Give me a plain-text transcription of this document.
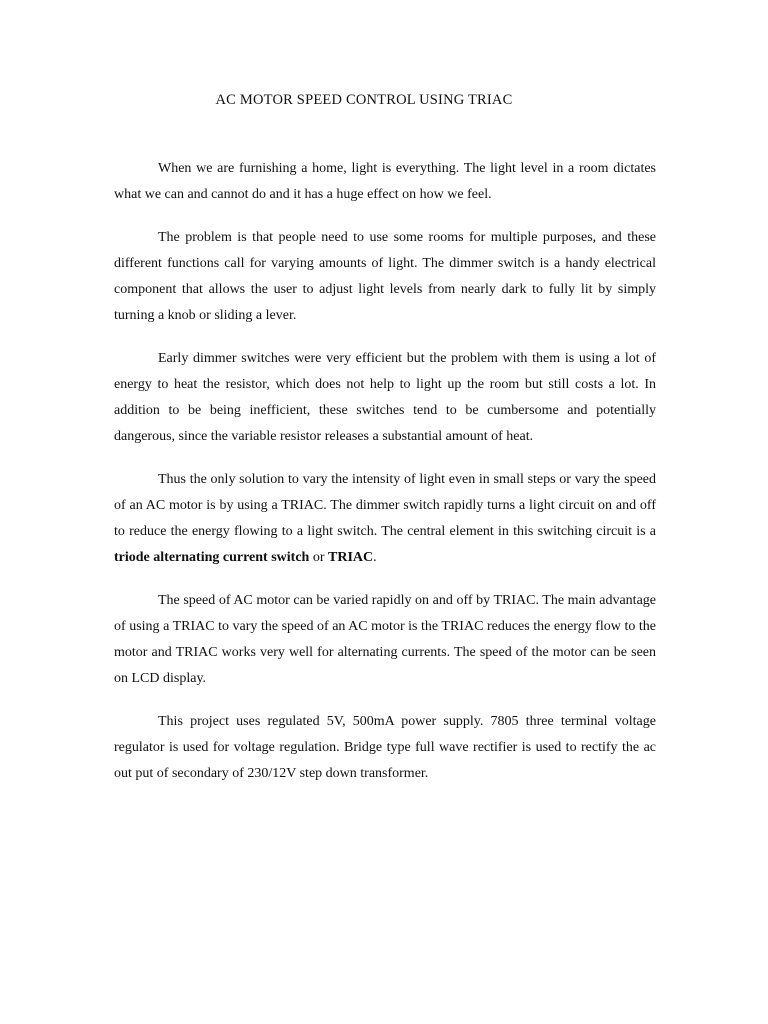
AC MOTOR SPEED CONTROL USING TRIAC

When we are furnishing a home, light is everything. The light level in a room dictates what we can and cannot do and it has a huge effect on how we feel.

The problem is that people need to use some rooms for multiple purposes, and these different functions call for varying amounts of light. The dimmer switch is a handy electrical component that allows the user to adjust light levels from nearly dark to fully lit by simply turning a knob or sliding a lever.

Early dimmer switches were very efficient but the problem with them is using a lot of energy to heat the resistor, which does not help to light up the room but still costs a lot. In addition to be being inefficient, these switches tend to be cumbersome and potentially dangerous, since the variable resistor releases a substantial amount of heat.

Thus the only solution to vary the intensity of light even in small steps or vary the speed of an AC motor is by using a TRIAC. The dimmer switch rapidly turns a light circuit on and off to reduce the energy flowing to a light switch. The central element in this switching circuit is a triode alternating current switch or TRIAC.

The speed of AC motor can be varied rapidly on and off by TRIAC. The main advantage of using a TRIAC to vary the speed of an AC motor is the TRIAC reduces the energy flow to the motor and TRIAC works very well for alternating currents. The speed of the motor can be seen on LCD display.

This project uses regulated 5V, 500mA power supply. 7805 three terminal voltage regulator is used for voltage regulation. Bridge type full wave rectifier is used to rectify the ac out put of secondary of 230/12V step down transformer.
